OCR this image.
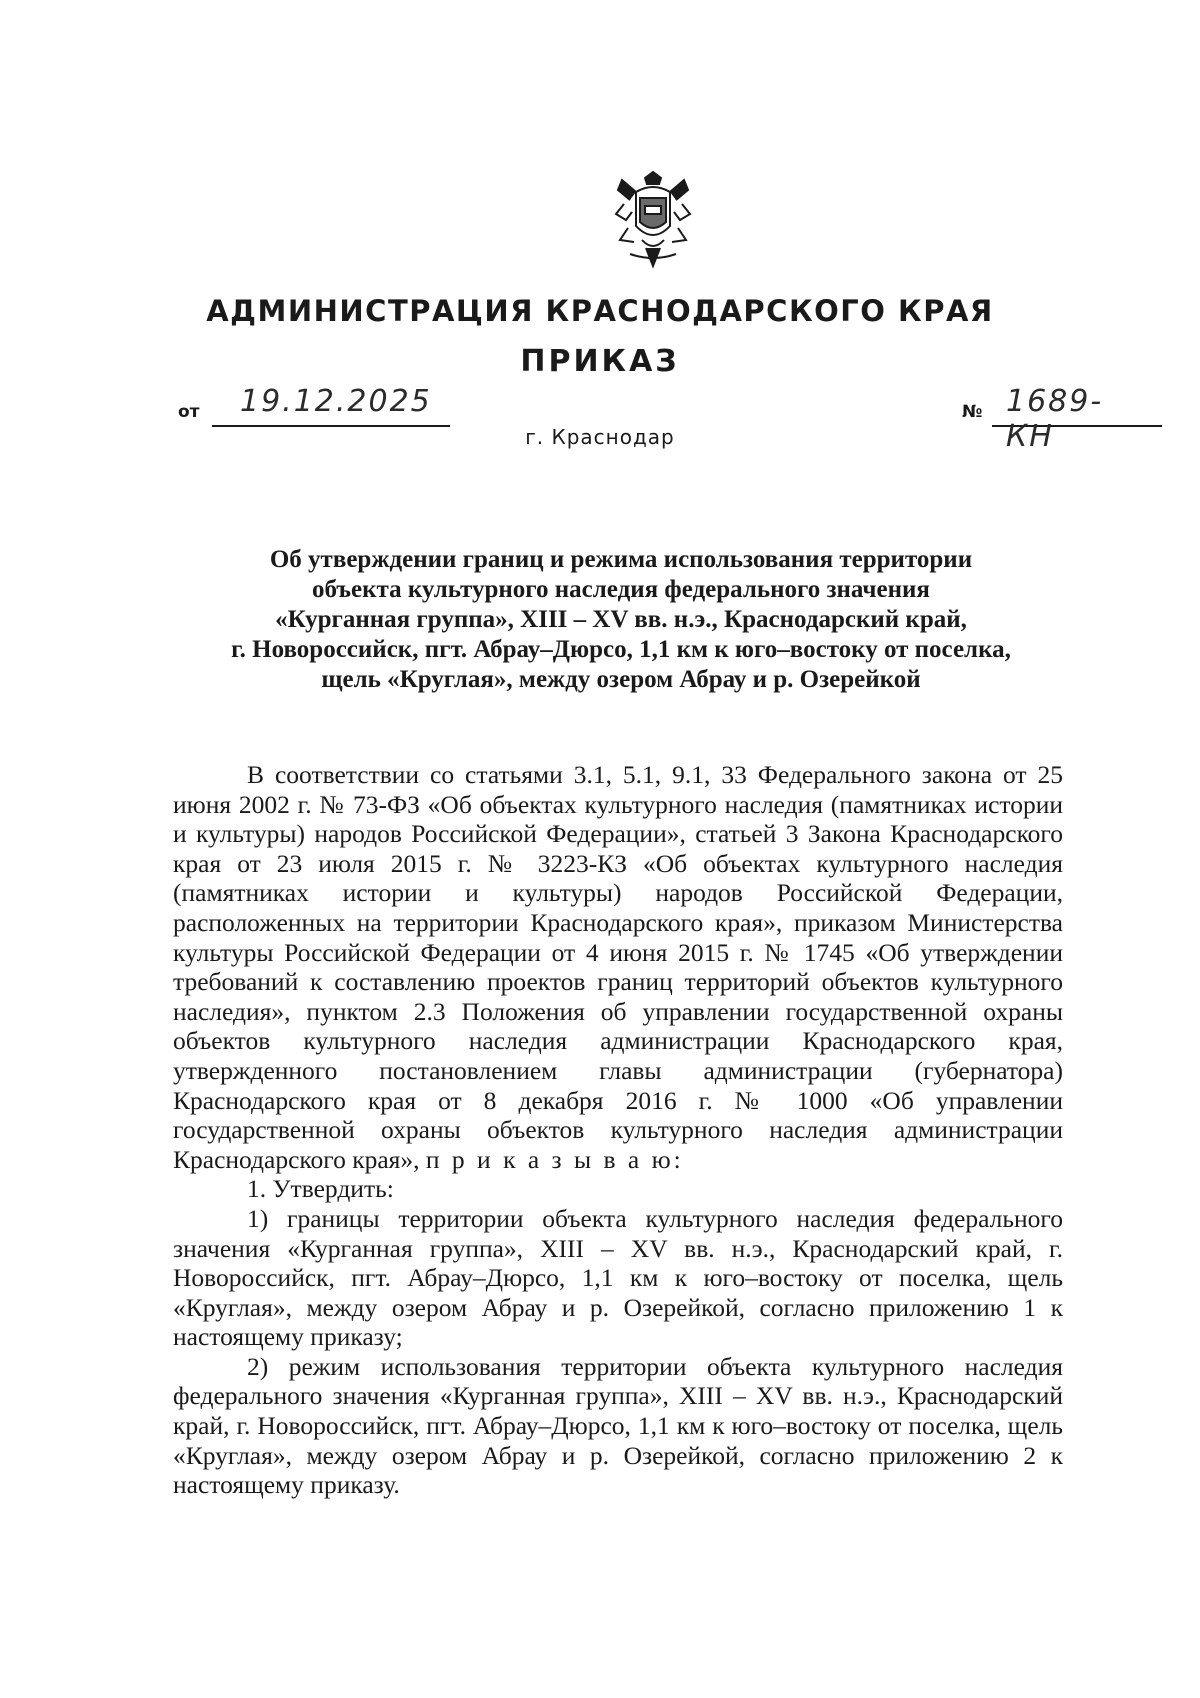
АДМИНИСТРАЦИЯ КРАСНОДАРСКОГО КРАЯ
ПРИКАЗ
от 19.12.2025	№ 1689-КН
г. Краснодар
Об утверждении границ и режима использования территории
объекта культурного наследия федерального значения
«Курганная группа», XIII – XV вв. н.э., Краснодарский край,
г. Новороссийск, пгт. Абрау–Дюрсо, 1,1 км к юго–востоку от поселка,
щель «Круглая», между озером Абрау и р. Озерейкой

В соответствии со статьями 3.1, 5.1, 9.1, 33 Федерального закона от 25 июня 2002 г. № 73-ФЗ «Об объектах культурного наследия (памятниках истории и культуры) народов Российской Федерации», статьей 3 Закона Краснодарского края от 23 июля 2015 г. № 3223-КЗ «Об объектах культурного наследия (памятниках истории и культуры) народов Российской Федерации, расположенных на территории Краснодарского края», приказом Министерства культуры Российской Федерации от 4 июня 2015 г. № 1745 «Об утверждении требований к составлению проектов границ территорий объектов культурного наследия», пунктом 2.3 Положения об управлении государственной охраны объектов культурного наследия администрации Краснодарского края, утвержденного постановлением главы администрации (губернатора) Краснодарского края от 8 декабря 2016 г. № 1000 «Об управлении государственной охраны объектов культурного наследия администрации Краснодарского края», п р и к а з ы в а ю:

1. Утвердить:

1) границы территории объекта культурного наследия федерального значения «Курганная группа», XIII – XV вв. н.э., Краснодарский край, г. Новороссийск, пгт. Абрау–Дюрсо, 1,1 км к юго–востоку от поселка, щель «Круглая», между озером Абрау и р. Озерейкой, согласно приложению 1 к настоящему приказу;

2) режим использования территории объекта культурного наследия федерального значения «Курганная группа», XIII – XV вв. н.э., Краснодарский край, г. Новороссийск, пгт. Абрау–Дюрсо, 1,1 км к юго–востоку от поселка, щель «Круглая», между озером Абрау и р. Озерейкой, согласно приложению 2 к настоящему приказу.
